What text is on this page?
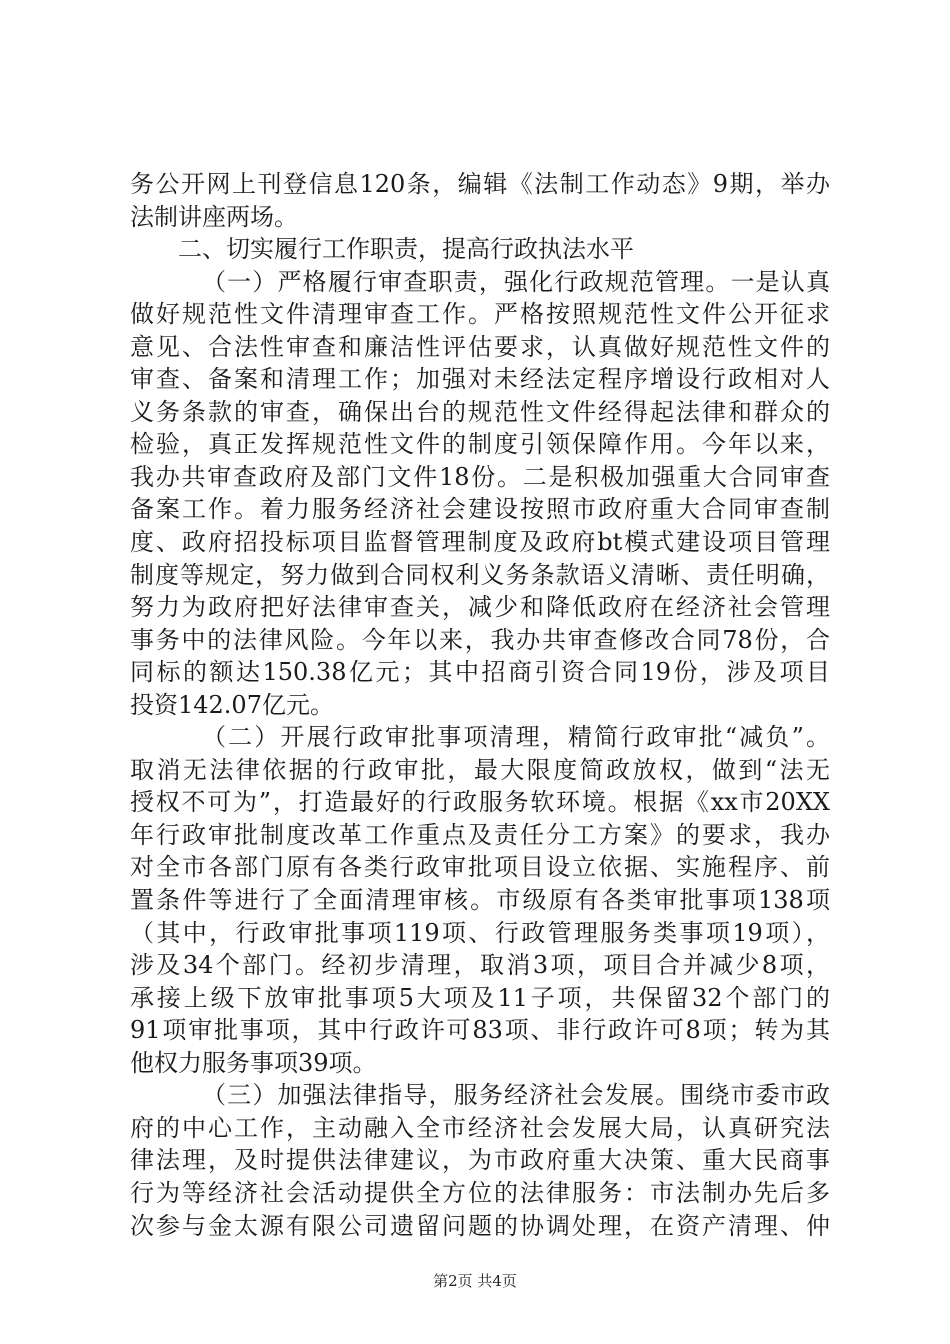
务公开网上刊登信息120条，编辑《法制工作动态》9期，举办
法制讲座两场。
二、切实履行工作职责，提高行政执法水平
（一）严格履行审查职责，强化行政规范管理。一是认真
做好规范性文件清理审查工作。严格按照规范性文件公开征求
意见、合法性审查和廉洁性评估要求，认真做好规范性文件的
审查、备案和清理工作；加强对未经法定程序增设行政相对人
义务条款的审查，确保出台的规范性文件经得起法律和群众的
检验，真正发挥规范性文件的制度引领保障作用。今年以来，
我办共审查政府及部门文件18份。二是积极加强重大合同审查
备案工作。着力服务经济社会建设按照市政府重大合同审查制
度、政府招投标项目监督管理制度及政府bt模式建设项目管理
制度等规定，努力做到合同权利义务条款语义清晰、责任明确，
努力为政府把好法律审查关，减少和降低政府在经济社会管理
事务中的法律风险。今年以来，我办共审查修改合同78份，合
同标的额达150.38亿元；其中招商引资合同19份，涉及项目
投资142.07亿元。
（二）开展行政审批事项清理，精简行政审批“减负”。
取消无法律依据的行政审批，最大限度简政放权，做到“法无
授权不可为”，打造最好的行政服务软环境。根据《xx市20XX
年行政审批制度改革工作重点及责任分工方案》的要求，我办
对全市各部门原有各类行政审批项目设立依据、实施程序、前
置条件等进行了全面清理审核。市级原有各类审批事项138项
（其中，行政审批事项119项、行政管理服务类事项19项），
涉及34个部门。经初步清理，取消3项，项目合并减少8项，
承接上级下放审批事项5大项及11子项，共保留32个部门的
91项审批事项，其中行政许可83项、非行政许可8项；转为其
他权力服务事项39项。
（三）加强法律指导，服务经济社会发展。围绕市委市政
府的中心工作，主动融入全市经济社会发展大局，认真研究法
律法理，及时提供法律建议，为市政府重大决策、重大民商事
行为等经济社会活动提供全方位的法律服务：市法制办先后多
次参与金太源有限公司遗留问题的协调处理，在资产清理、仲
第2页 共4页
